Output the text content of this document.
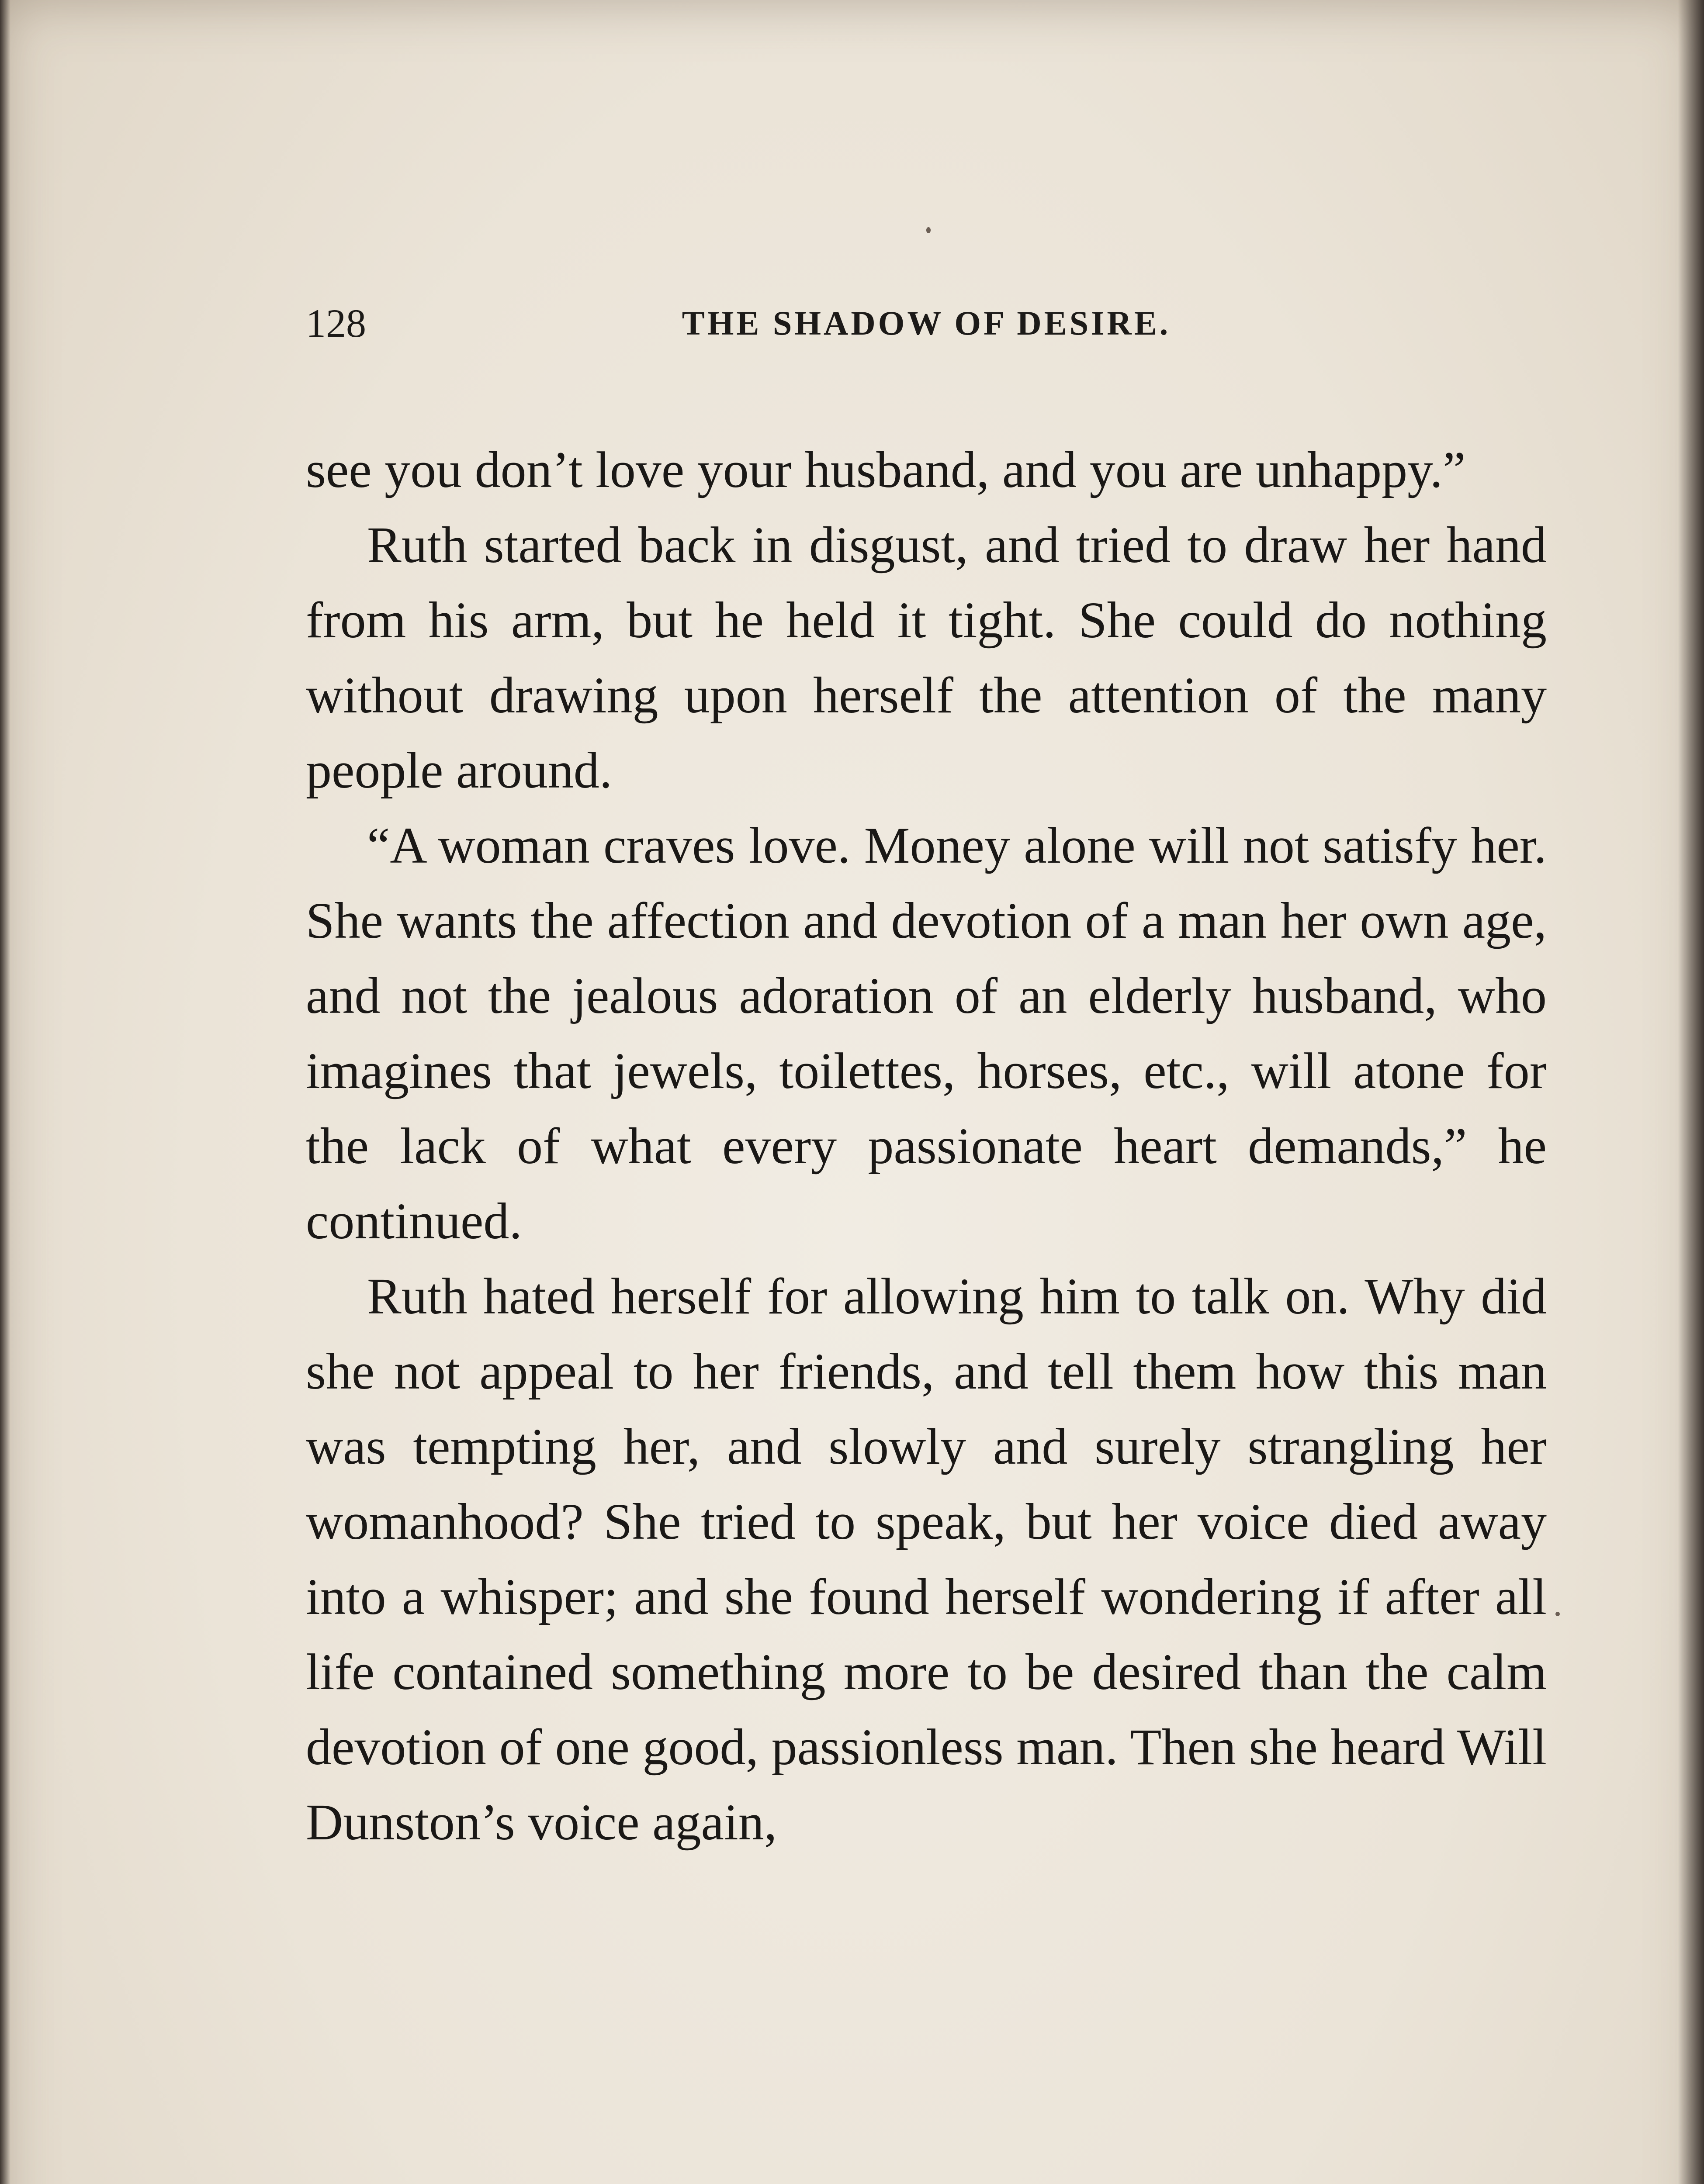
128	THE SHADOW OF DESIRE.

see you don’t love your husband, and you are unhappy.”

Ruth started back in disgust, and tried to draw her hand from his arm, but he held it tight. She could do nothing without drawing upon herself the attention of the many people around.

“A woman craves love. Money alone will not satisfy her. She wants the affection and devotion of a man her own age, and not the jealous adoration of an elderly husband, who imagines that jewels, toilettes, horses, etc., will atone for the lack of what every passionate heart demands,” he continued.

Ruth hated herself for allowing him to talk on. Why did she not appeal to her friends, and tell them how this man was tempting her, and slowly and surely strangling her womanhood? She tried to speak, but her voice died away into a whisper; and she found herself wondering if after all life contained something more to be desired than the calm devotion of one good, passionless man. Then she heard Will Dunston’s voice again,
